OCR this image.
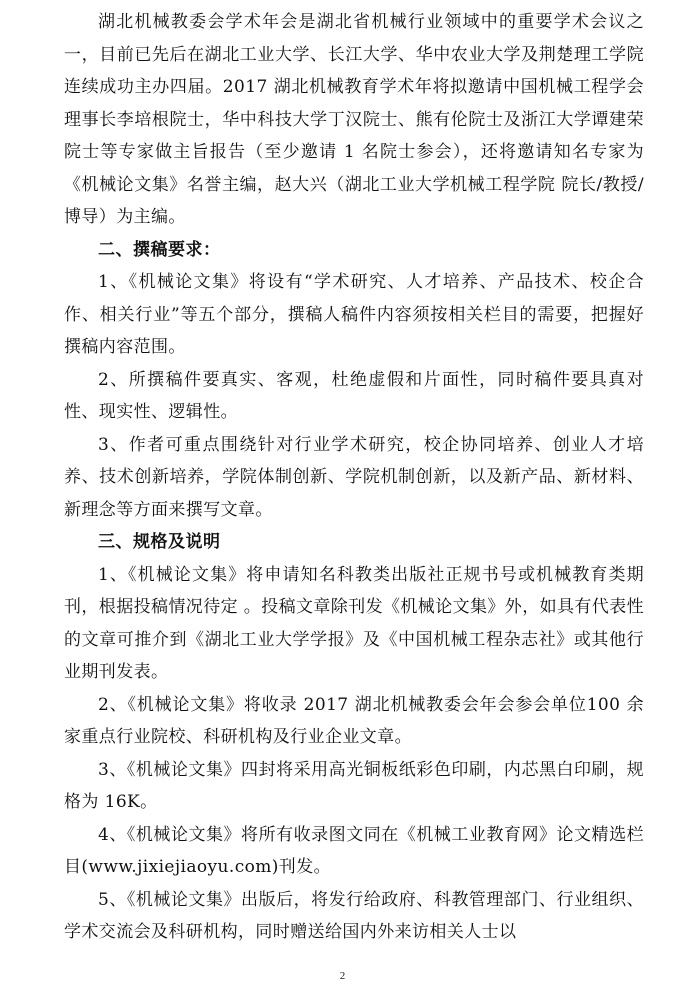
湖北机械教委会学术年会是湖北省机械行业领域中的重要学术会议之一，目前已先后在湖北工业大学、长江大学、华中农业大学及荆楚理工学院连续成功主办四届。2017 湖北机械教育学术年将拟邀请中国机械工程学会理事长李培根院士，华中科技大学丁汉院士、熊有伦院士及浙江大学谭建荣院士等专家做主旨报告（至少邀请 1 名院士参会），还将邀请知名专家为《机械论文集》名誉主编，赵大兴（湖北工业大学机械工程学院 院长/教授/博导）为主编。

二、撰稿要求：

1、《机械论文集》将设有“学术研究、人才培养、产品技术、校企合作、相关行业”等五个部分，撰稿人稿件内容须按相关栏目的需要，把握好撰稿内容范围。

2、所撰稿件要真实、客观，杜绝虚假和片面性，同时稿件要具真对性、现实性、逻辑性。

3、作者可重点围绕针对行业学术研究，校企协同培养、创业人才培养、技术创新培养，学院体制创新、学院机制创新，以及新产品、新材料、新理念等方面来撰写文章。

三、规格及说明

1、《机械论文集》将申请知名科教类出版社正规书号或机械教育类期刊，根据投稿情况待定 。投稿文章除刊发《机械论文集》外，如具有代表性的文章可推介到《湖北工业大学学报》及《中国机械工程杂志社》或其他行业期刊发表。

2、《机械论文集》将收录 2017 湖北机械教委会年会参会单位100 余家重点行业院校、科研机构及行业企业文章。

3、《机械论文集》四封将采用高光铜板纸彩色印刷，内芯黑白印刷，规格为 16K。

4、《机械论文集》将所有收录图文同在《机械工业教育网》论文精选栏目(www.jixiejiaoyu.com)刊发。

5、《机械论文集》出版后，将发行给政府、科教管理部门、行业组织、学术交流会及科研机构，同时赠送给国内外来访相关人士以

2
